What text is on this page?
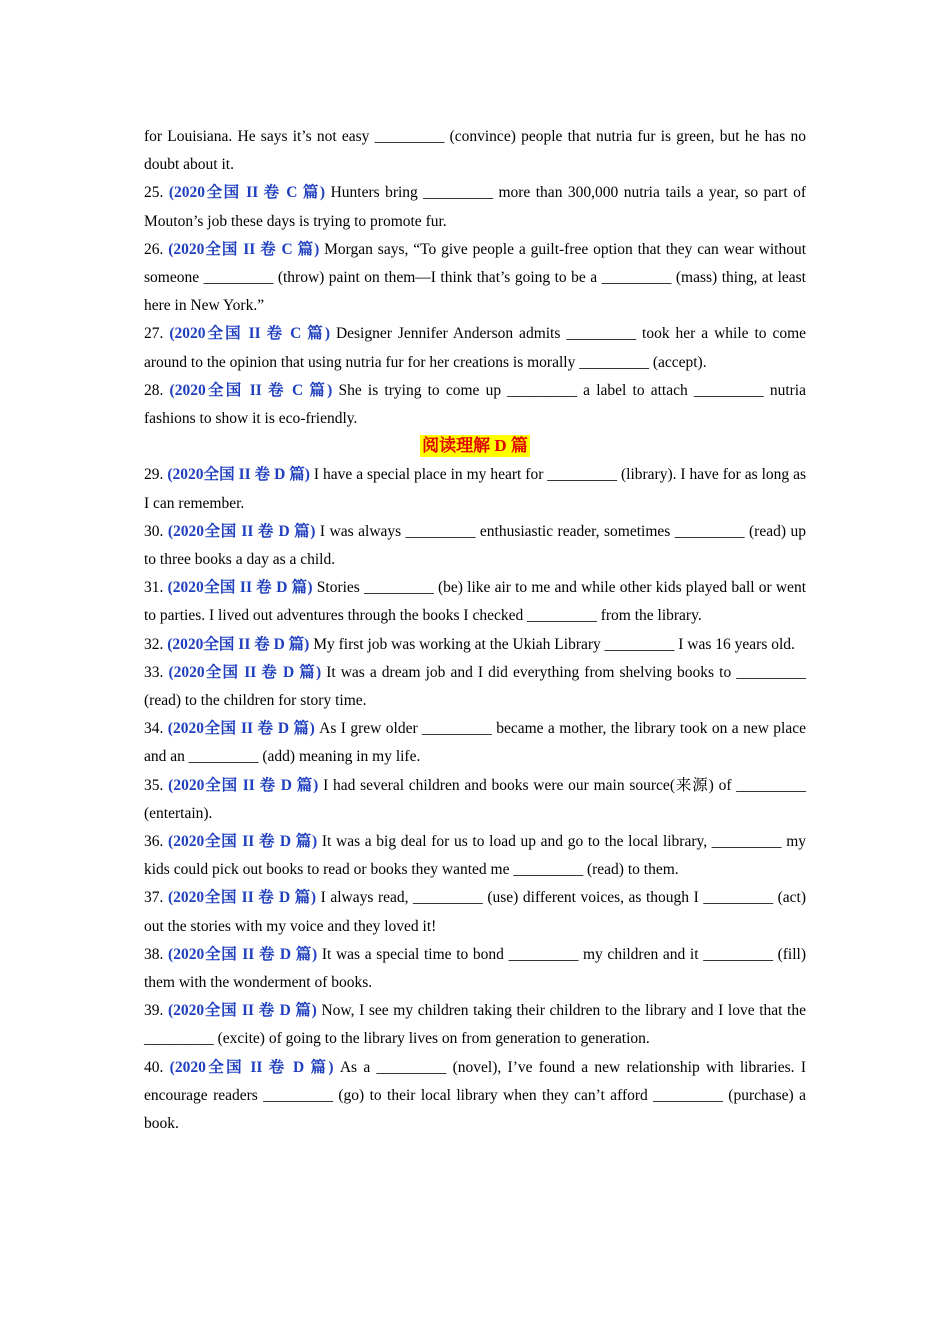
for Louisiana. He says it’s not easy _________ (convince) people that nutria fur is green, but he has no doubt about it.

25. (2020全国 II 卷 C 篇) Hunters bring _________ more than 300,000 nutria tails a year, so part of Mouton’s job these days is trying to promote fur.

26. (2020全国 II 卷 C 篇) Morgan says, “To give people a guilt-free option that they can wear without someone _________ (throw) paint on them—I think that’s going to be a _________ (mass) thing, at least here in New York.”

27. (2020全国 II 卷 C 篇) Designer Jennifer Anderson admits _________ took her a while to come around to the opinion that using nutria fur for her creations is morally _________ (accept).

28. (2020全国 II 卷 C 篇) She is trying to come up _________ a label to attach _________ nutria fashions to show it is eco-friendly.

阅读理解 D 篇

29. (2020全国 II 卷 D 篇) I have a special place in my heart for _________ (library). I have for as long as I can remember.

30. (2020全国 II 卷 D 篇) I was always _________ enthusiastic reader, sometimes _________ (read) up to three books a day as a child.

31. (2020全国 II 卷 D 篇) Stories _________ (be) like air to me and while other kids played ball or went to parties. I lived out adventures through the books I checked _________ from the library.

32. (2020全国 II 卷 D 篇) My first job was working at the Ukiah Library _________ I was 16 years old.

33. (2020全国 II 卷 D 篇) It was a dream job and I did everything from shelving books to _________ (read) to the children for story time.

34. (2020全国 II 卷 D 篇) As I grew older _________ became a mother, the library took on a new place and an _________ (add) meaning in my life.

35. (2020全国 II 卷 D 篇) I had several children and books were our main source(来源) of _________ (entertain).

36. (2020全国 II 卷 D 篇) It was a big deal for us to load up and go to the local library, _________ my kids could pick out books to read or books they wanted me _________ (read) to them.

37. (2020全国 II 卷 D 篇) I always read, _________ (use) different voices, as though I _________ (act) out the stories with my voice and they loved it!

38. (2020全国 II 卷 D 篇) It was a special time to bond _________ my children and it _________ (fill) them with the wonderment of books.

39. (2020全国 II 卷 D 篇) Now, I see my children taking their children to the library and I love that the _________ (excite) of going to the library lives on from generation to generation.

40. (2020全国 II 卷 D 篇) As a _________ (novel), I’ve found a new relationship with libraries. I encourage readers _________ (go) to their local library when they can’t afford _________ (purchase) a book.
